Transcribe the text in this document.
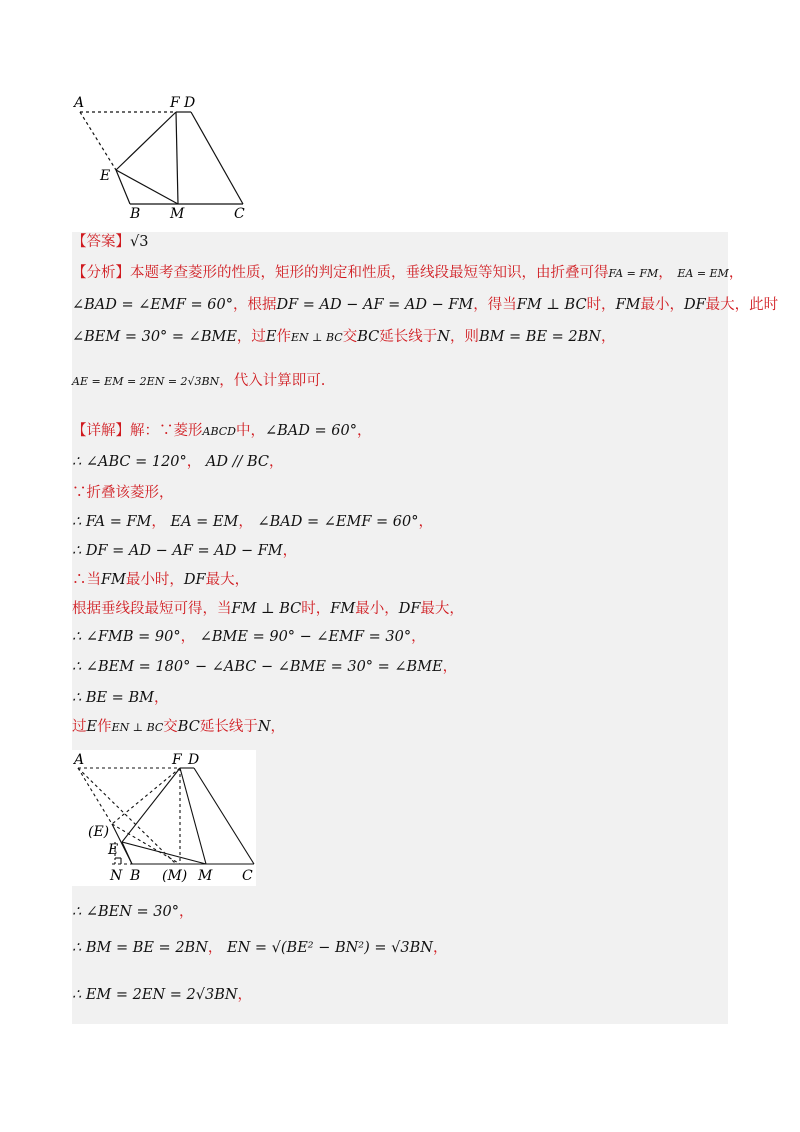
A	F D
E
B M	C
【答案】√3
【分析】本题考查菱形的性质，矩形的判定和性质，垂线段最短等知识，由折叠可得FA = FM， EA = EM，
∠BAD = ∠EMF = 60°，根据DF = AD − AF = AD − FM，得当FM ⊥ BC时，FM最小，DF最大，此时
∠BEM = 30° = ∠BME，过E作EN ⊥ BC交BC延长线于N，则BM = BE = 2BN，
AE = EM = 2EN = 2√3BN，代入计算即可.
【详解】解：∵菱形ABCD中，∠BAD = 60°，
∴ ∠ABC = 120°， AD // BC，
∵折叠该菱形，
∴ FA = FM， EA = EM， ∠BAD = ∠EMF = 60°，
∴ DF = AD − AF = AD − FM，
∴当FM最小时，DF最大，
根据垂线段最短可得，当FM ⊥ BC时，FM最小，DF最大，
∴ ∠FMB = 90°， ∠BME = 90° − ∠EMF = 30°，
∴ ∠BEM = 180° − ∠ABC − ∠BME = 30° = ∠BME，
∴ BE = BM，
过E作EN ⊥ BC交BC延长线于N，
A	F D
(E)
E
N B (M) M C
∴ ∠BEN = 30°，
∴ BM = BE = 2BN， EN = √(BE² − BN²) = √3BN，
∴ EM = 2EN = 2√3BN，
